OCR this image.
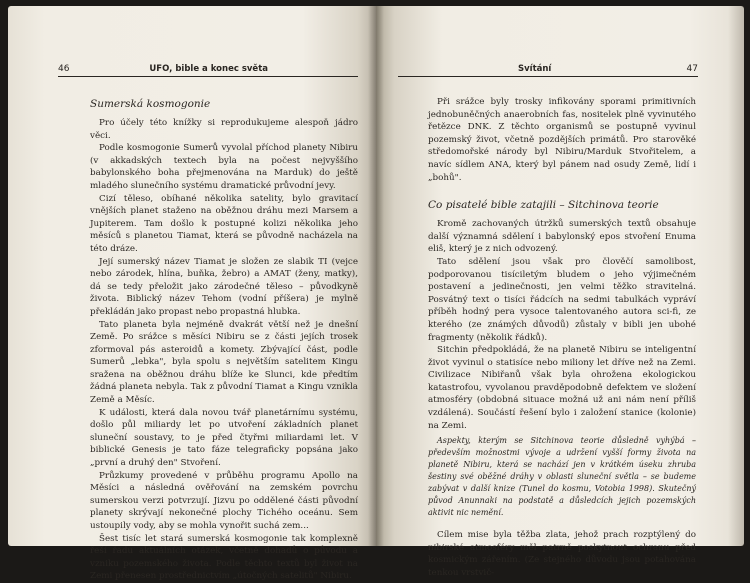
46	UFO, bible a konec světa
Sumerská kosmogonie

Pro účely této knížky si reprodukujeme alespoň jádro věci.

Podle kosmogonie Sumerů vyvolal příchod planety Nibiru (v akkadských textech byla na počest nejvyššího babylonského boha přejmenována na Marduk) do ještě mladého slunečního systému dramatické průvodní jevy.

Cizí těleso, obíhané několika satelity, bylo gravitací vnějších planet staženo na oběžnou dráhu mezi Marsem a Jupiterem. Tam došlo k postupné kolizi několika jeho měsíců s planetou Tiamat, která se původně nacházela na této dráze.

Její sumerský název Tiamat je složen ze slabik TI (vejce nebo zárodek, hlína, buňka, žebro) a AMAT (ženy, matky), dá se tedy přeložit jako zárodečné těleso – původkyně života. Biblický název Tehom (vodní příšera) je mylně překládán jako propast nebo propastná hlubka.

Tato planeta byla nejméně dvakrát větší než je dnešní Země. Po srážce s měsíci Nibiru se z části jejích trosek zformoval pás asteroidů a komety. Zbývající část, podle Sumerů „lebka", byla spolu s největším satelitem Kingu sražena na oběžnou dráhu blíže ke Slunci, kde předtím žádná planeta nebyla. Tak z původní Tiamat a Kingu vznikla Země a Měsíc.

K události, která dala novou tvář planetárnímu systému, došlo půl miliardy let po utvoření základních planet sluneční soustavy, to je před čtyřmi miliardami let. V biblické Genesis je tato fáze telegraficky popsána jako „první a druhý den" Stvoření.

Průzkumy provedené v průběhu programu Apollo na Měsíci a následná ověřování na zemském povrchu sumerskou verzi potvrzují. Jizvu po oddělené části původní planety skrývají nekonečné plochy Tichého oceánu. Sem ustoupily vody, aby se mohla vynořit suchá zem...

Šest tisíc let stará sumerská kosmogonie tak komplexně řeší řadu aktuálních otázek, včetně dohadů o původu a vzniku pozemského života. Podle těchto textů byl život na Zemi přenesen prostřednictvím „útočných satelitů" Nibiru.

Svítání	47

Při srážce byly trosky infikovány sporami primitivních jednobuněčných anaerobních fas, nositelek plně vyvinutého řetězce DNK. Z těchto organismů se postupně vyvinul pozemský život, včetně pozdějších primátů. Pro starověké středomořské národy byl Nibiru/Marduk Stvořitelem, a navíc sídlem ANA, který byl pánem nad osudy Země, lidí i „bohů".

Co pisatelé bible zatajili – Sitchinova teorie

Kromě zachovaných útržků sumerských textů obsahuje další významná sdělení i babylonský epos stvoření Enuma eliš, který je z nich odvozený.

Tato sdělení jsou však pro člověčí samolibost, podporovanou tisíciletým bludem o jeho výjimečném postavení a jedinečnosti, jen velmi těžko stravitelná. Posvátný text o tisíci řádcích na sedmi tabulkách vypráví příběh hodný pera vysoce talentovaného autora sci-fi, ze kterého (ze známých důvodů) zůstaly v bibli jen ubohé fragmenty (několik řádků).

Sitchin předpokládá, že na planetě Nibiru se inteligentní život vyvinul o statisíce nebo miliony let dříve než na Zemi. Civilizace Nibiřanů však byla ohrožena ekologickou katastrofou, vyvolanou pravděpodobně defektem ve složení atmosféry (obdobná situace možná už ani nám není příliš vzdálená). Součástí řešení bylo i založení stanice (kolonie) na Zemi.

Aspekty, kterým se Sitchinova teorie důsledně vyhýbá – především možnostmi vývoje a udržení vyšší formy života na planetě Nibiru, která se nachází jen v krátkém úseku zhruba šestiny své oběžné dráhy v oblasti sluneční světla – se budeme zabývat v další knize (Tunel do kosmu, Votobia 1998). Skutečný původ Anunnaki na podstatě a důsledcích jejich pozemských aktivit nic nemění.

Cílem mise byla těžba zlata, jehož prach rozptýlený do nibirské atmosféry měl patrně poskytnout ochranu před kosmickým zářením. (Ze stejného důvodu jsou potahována tenkou vrstvič-
